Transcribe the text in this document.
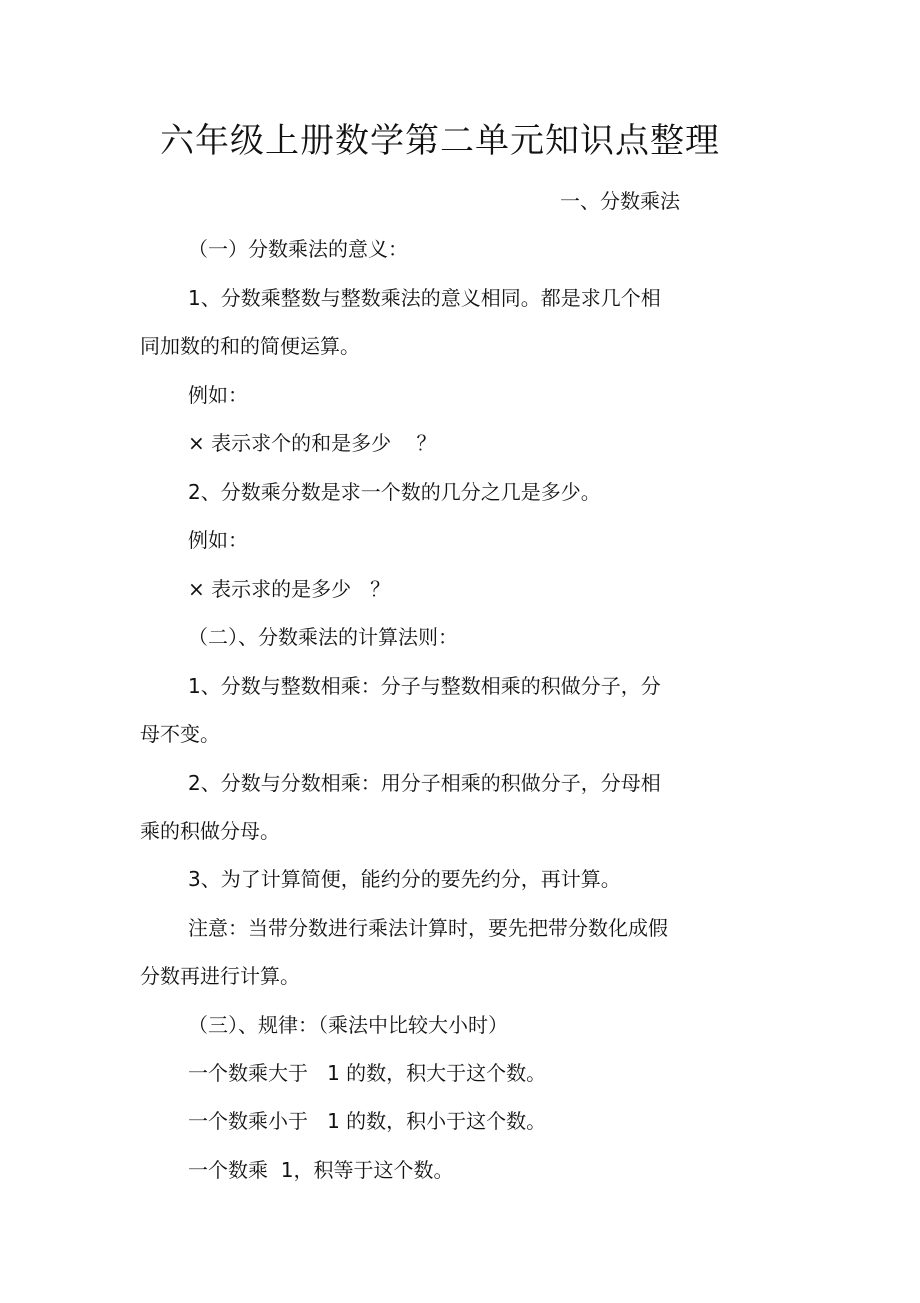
六年级上册数学第二单元知识点整理
一、分数乘法
（一）分数乘法的意义：
1、分数乘整数与整数乘法的意义相同。都是求几个相
同加数的和的简便运算。
例如：
× 表示求个的和是多少    ？
2、分数乘分数是求一个数的几分之几是多少。
例如：
× 表示求的是多少   ？
（二）、分数乘法的计算法则：
1、分数与整数相乘：分子与整数相乘的积做分子，分
母不变。
2、分数与分数相乘：用分子相乘的积做分子，分母相
乘的积做分母。
3、为了计算简便，能约分的要先约分，再计算。
注意：当带分数进行乘法计算时，要先把带分数化成假
分数再进行计算。
（三）、规律：（乘法中比较大小时）
一个数乘大于   1 的数，积大于这个数。
一个数乘小于   1 的数，积小于这个数。
一个数乘  1，积等于这个数。
